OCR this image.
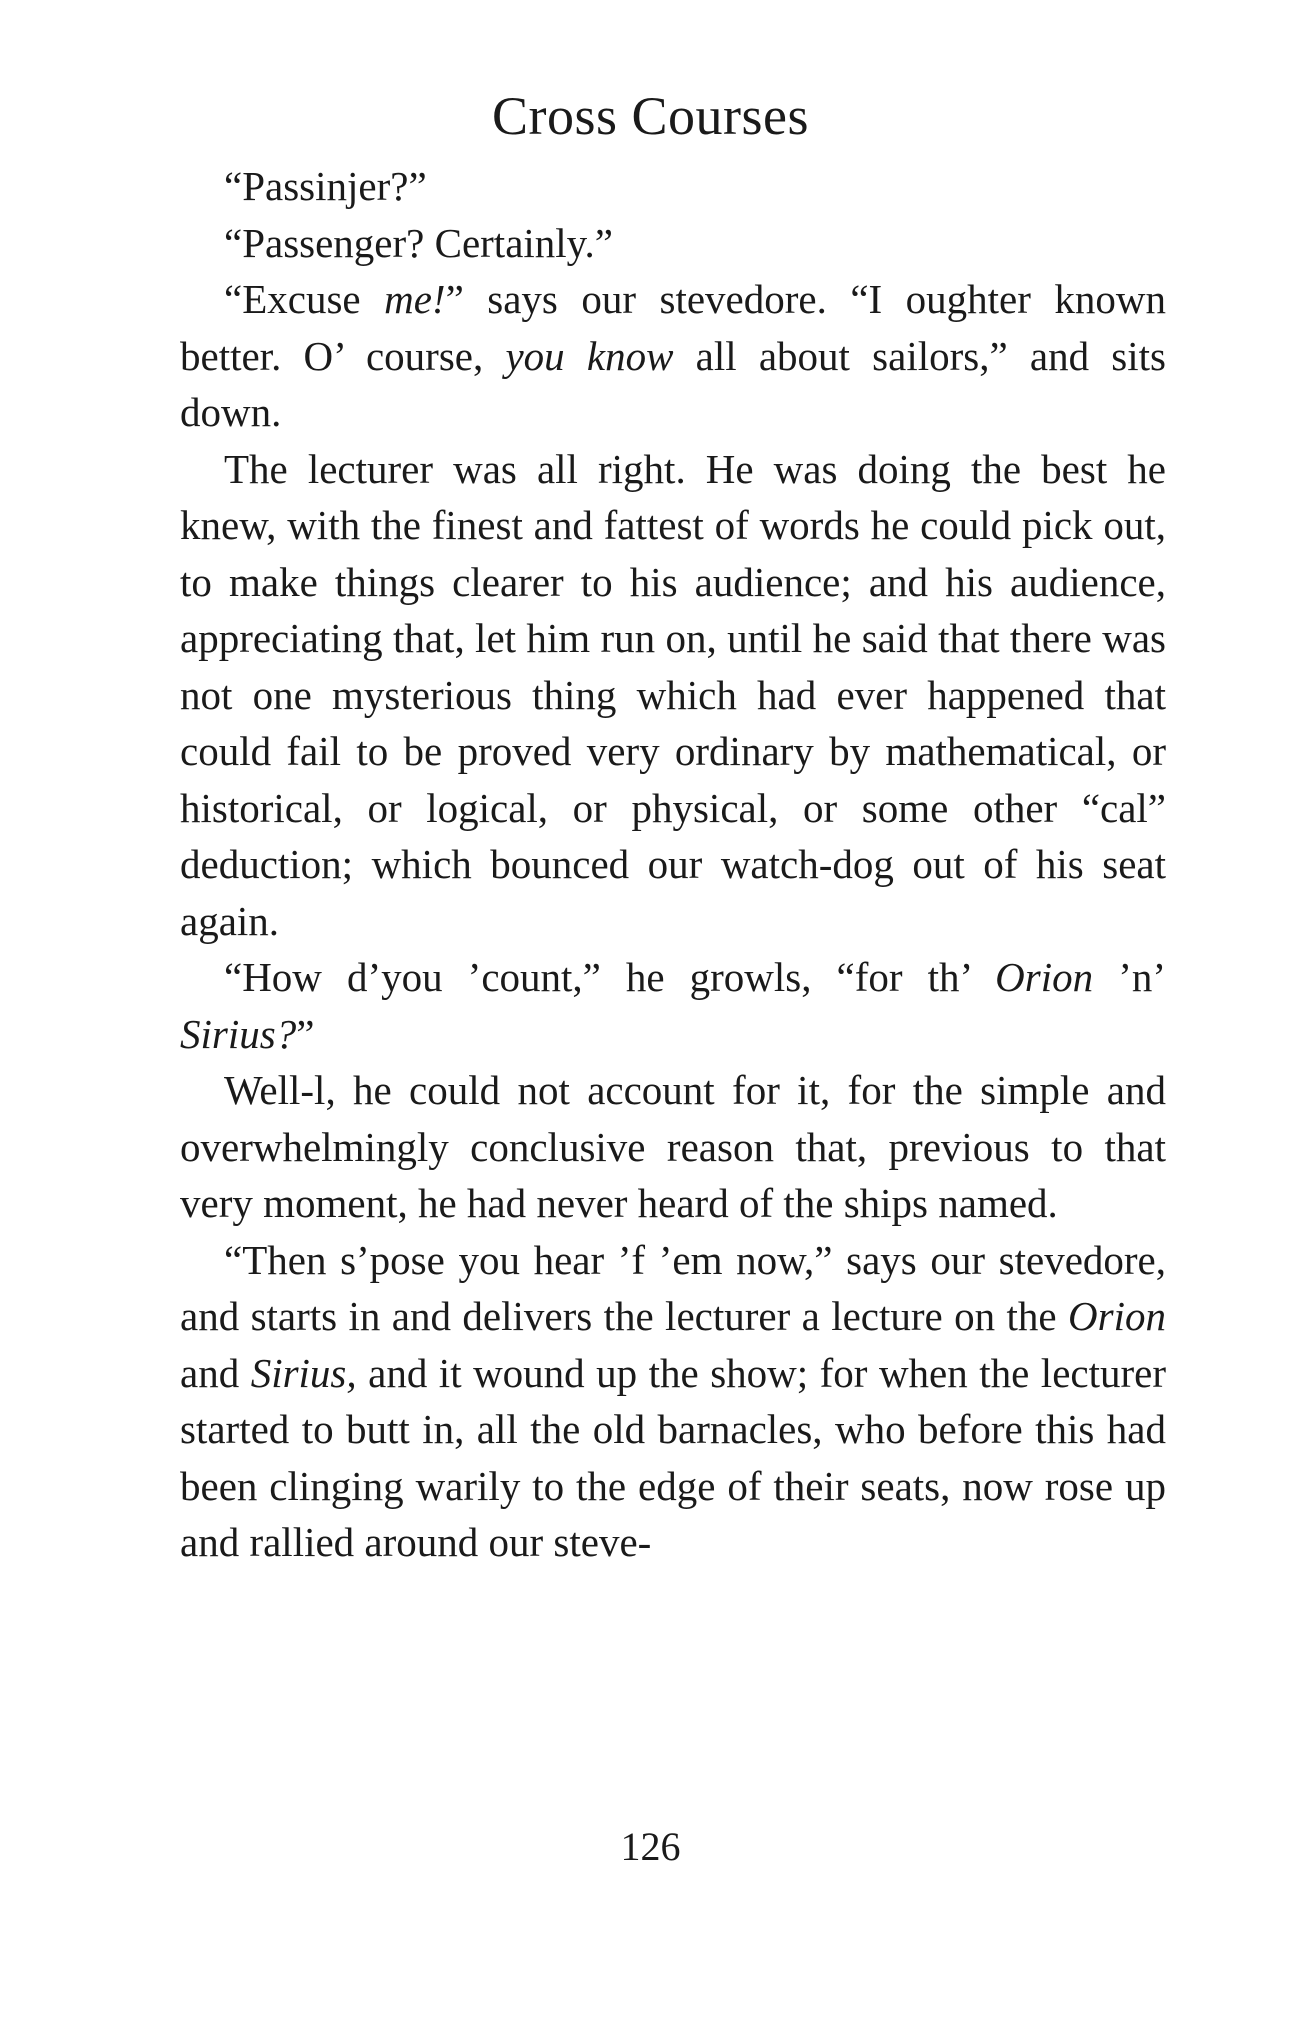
Cross Courses

“Passinjer?”

“Passenger? Certainly.”

“Excuse me!” says our stevedore. “I oughter known better. O’ course, you know all about sailors,” and sits down.

The lecturer was all right. He was doing the best he knew, with the finest and fattest of words he could pick out, to make things clearer to his audience; and his audience, appreciating that, let him run on, until he said that there was not one mysterious thing which had ever happened that could fail to be proved very ordinary by mathematical, or historical, or logical, or physical, or some other “cal” deduction; which bounced our watch-dog out of his seat again.

“How d’you ’count,” he growls, “for th’ Orion ’n’ Sirius?”

Well-l, he could not account for it, for the simple and overwhelmingly conclusive reason that, previous to that very moment, he had never heard of the ships named.

“Then s’pose you hear ’f ’em now,” says our stevedore, and starts in and delivers the lecturer a lecture on the Orion and Sirius, and it wound up the show; for when the lecturer started to butt in, all the old barnacles, who before this had been clinging warily to the edge of their seats, now rose up and rallied around our steve-

126
